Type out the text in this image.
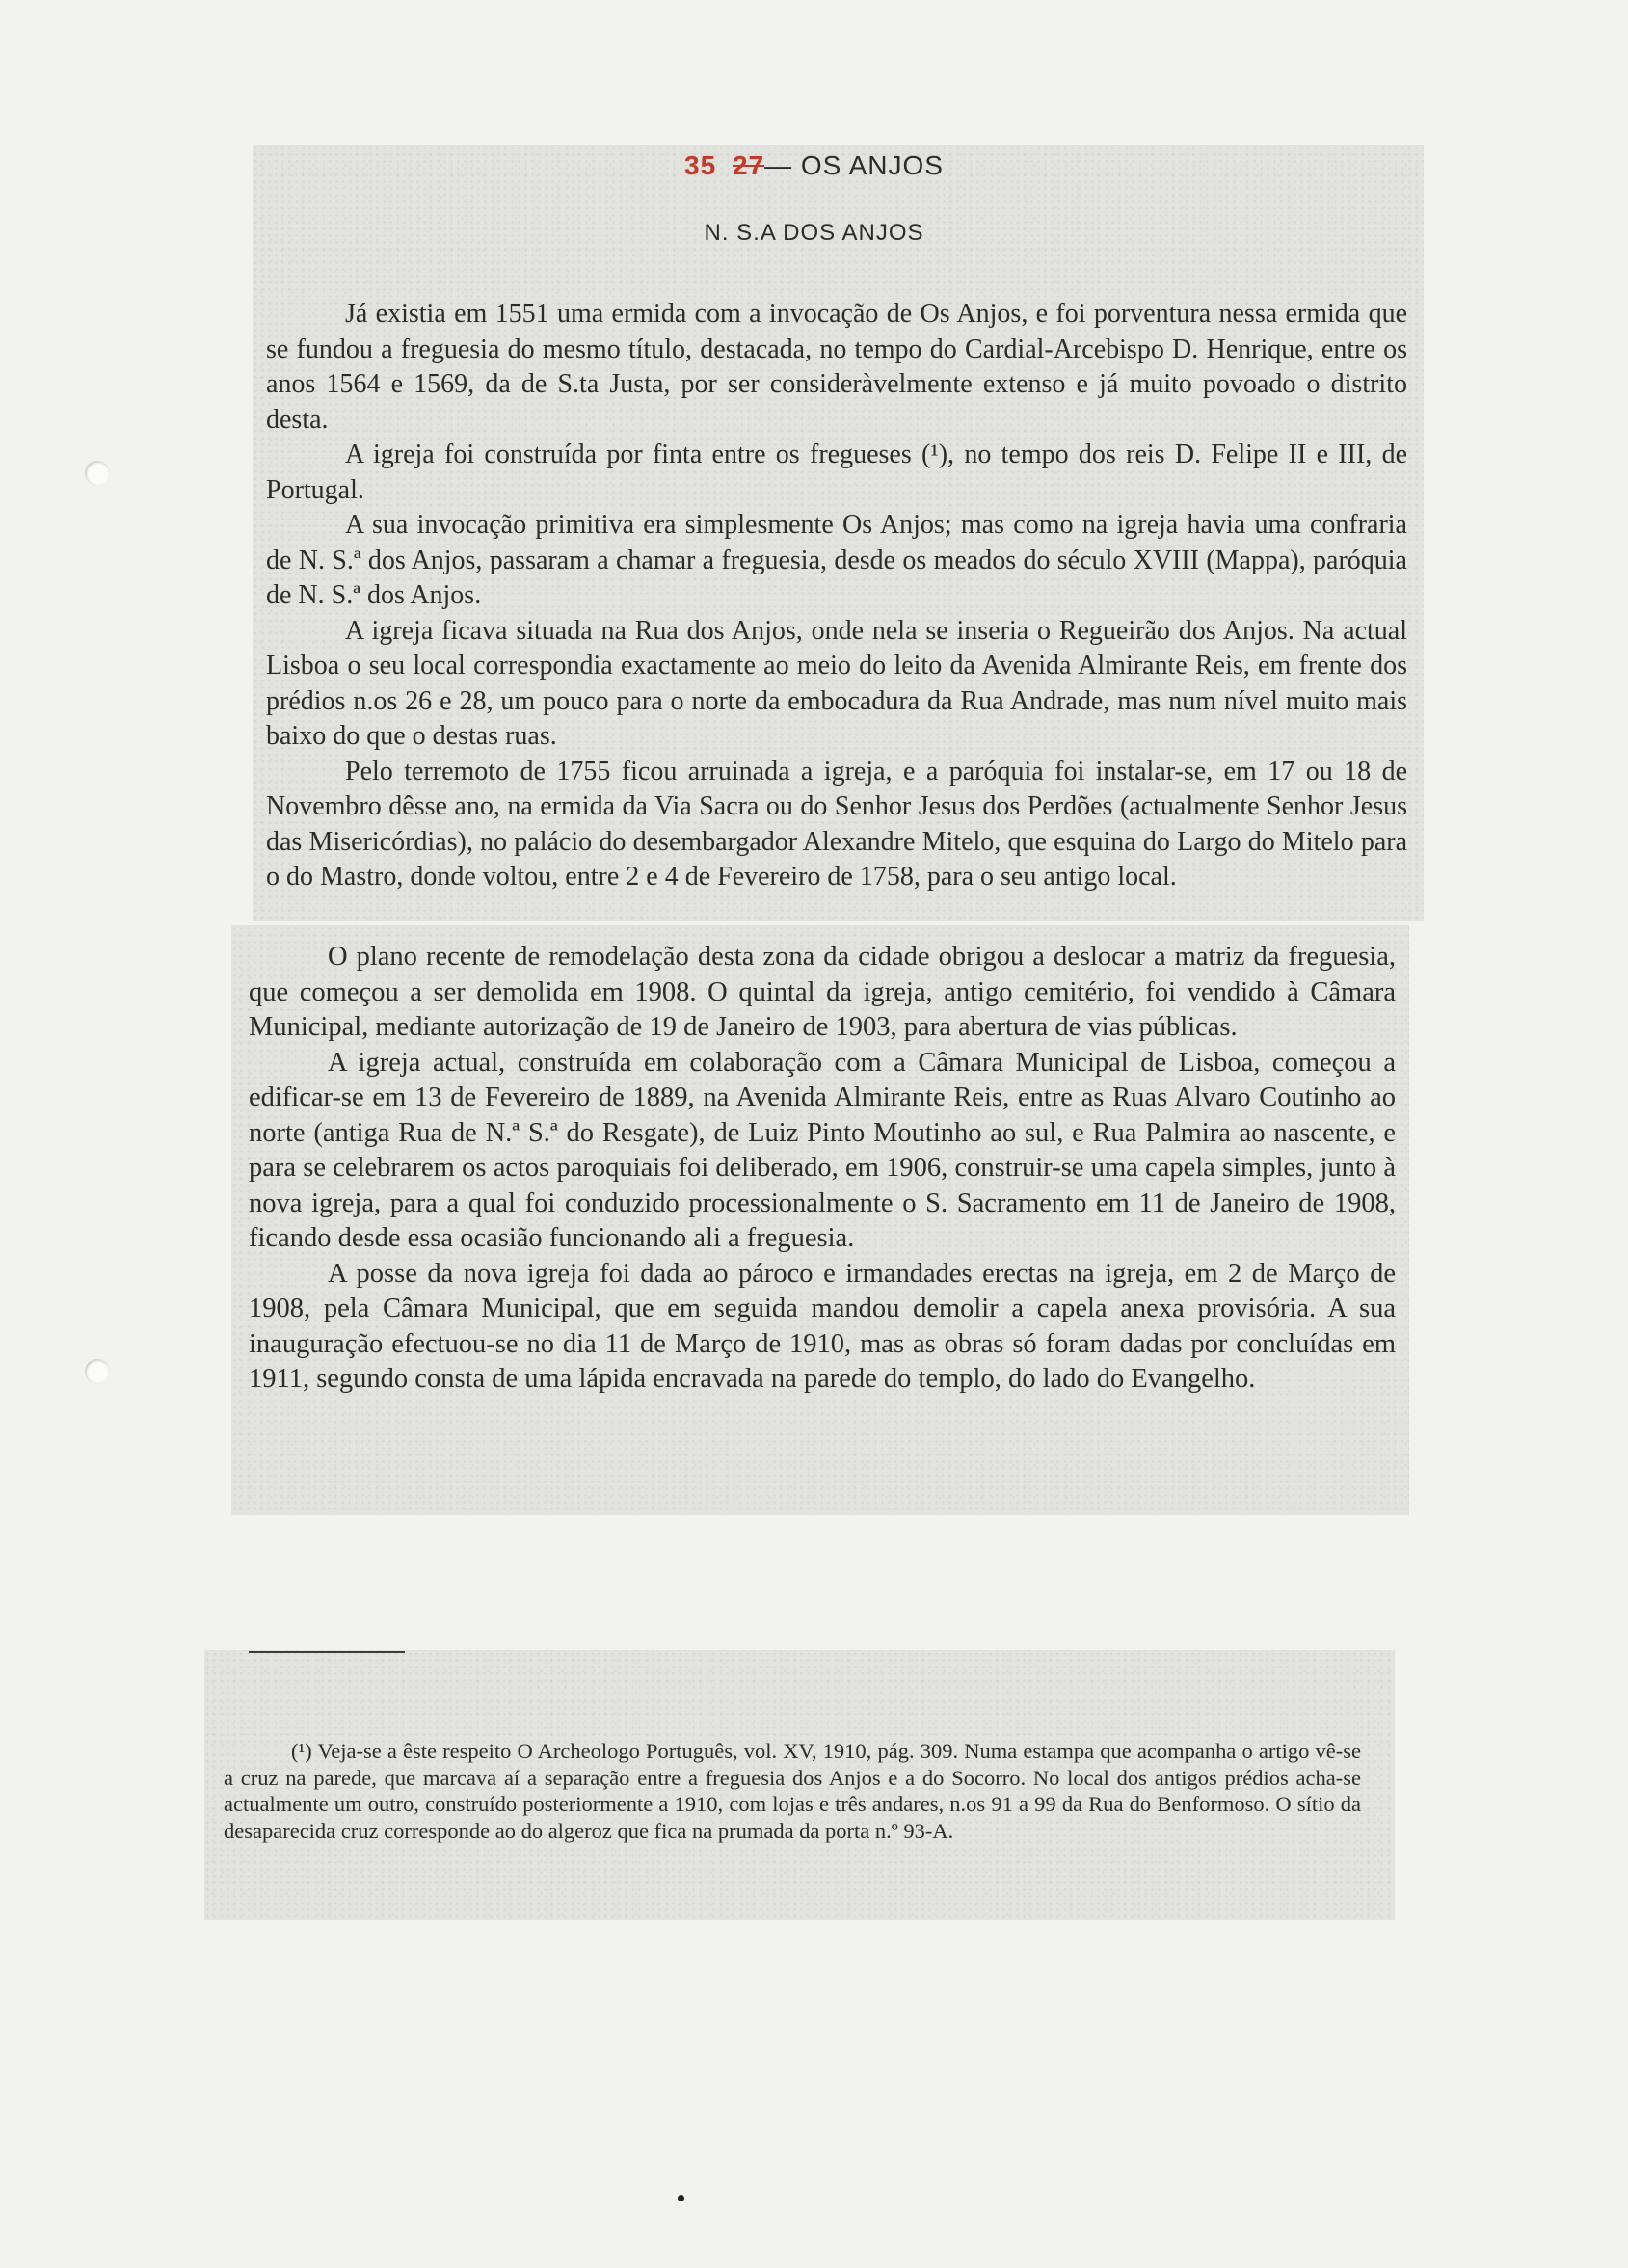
35 27— OS ANJOS
N. S.A DOS ANJOS

Já existia em 1551 uma ermida com a invocação de Os Anjos, e foi porventura nessa ermida que se fundou a freguesia do mesmo título, destacada, no tempo do Cardial-Arcebispo D. Henrique, entre os anos 1564 e 1569, da de S.ta Justa, por ser consideràvelmente extenso e já muito povoado o distrito desta.

A igreja foi construída por finta entre os fregueses (¹), no tempo dos reis D. Felipe II e III, de Portugal.

A sua invocação primitiva era simplesmente Os Anjos; mas como na igreja havia uma confraria de N. S.ª dos Anjos, passaram a chamar a freguesia, desde os meados do século XVIII (Mappa), paróquia de N. S.ª dos Anjos.

A igreja ficava situada na Rua dos Anjos, onde nela se inseria o Regueirão dos Anjos. Na actual Lisboa o seu local correspondia exactamente ao meio do leito da Avenida Almirante Reis, em frente dos prédios n.os 26 e 28, um pouco para o norte da embocadura da Rua Andrade, mas num nível muito mais baixo do que o destas ruas.

Pelo terremoto de 1755 ficou arruinada a igreja, e a paróquia foi instalar-se, em 17 ou 18 de Novembro dêsse ano, na ermida da Via Sacra ou do Senhor Jesus dos Perdões (actualmente Senhor Jesus das Misericórdias), no palácio do desembargador Alexandre Mitelo, que esquina do Largo do Mitelo para o do Mastro, donde voltou, entre 2 e 4 de Fevereiro de 1758, para o seu antigo local.

O plano recente de remodelação desta zona da cidade obrigou a deslocar a matriz da freguesia, que começou a ser demolida em 1908. O quintal da igreja, antigo cemitério, foi vendido à Câmara Municipal, mediante autorização de 19 de Janeiro de 1903, para abertura de vias públicas.

A igreja actual, construída em colaboração com a Câmara Municipal de Lisboa, começou a edificar-se em 13 de Fevereiro de 1889, na Avenida Almirante Reis, entre as Ruas Alvaro Coutinho ao norte (antiga Rua de N.ª S.ª do Resgate), de Luiz Pinto Moutinho ao sul, e Rua Palmira ao nascente, e para se celebrarem os actos paroquiais foi deliberado, em 1906, construir-se uma capela simples, junto à nova igreja, para a qual foi conduzido processionalmente o S. Sacramento em 11 de Janeiro de 1908, ficando desde essa ocasião funcionando ali a freguesia.

A posse da nova igreja foi dada ao pároco e irmandades erectas na igreja, em 2 de Março de 1908, pela Câmara Municipal, que em seguida mandou demolir a capela anexa provisória. A sua inauguração efectuou-se no dia 11 de Março de 1910, mas as obras só foram dadas por concluídas em 1911, segundo consta de uma lápida encravada na parede do templo, do lado do Evangelho.

(¹) Veja-se a êste respeito O Archeologo Português, vol. XV, 1910, pág. 309. Numa estampa que acompanha o artigo vê-se a cruz na parede, que marcava aí a separação entre a freguesia dos Anjos e a do Socorro. No local dos antigos prédios acha-se actualmente um outro, construído posteriormente a 1910, com lojas e três andares, n.os 91 a 99 da Rua do Benformoso. O sítio da desaparecida cruz corresponde ao do algeroz que fica na prumada da porta n.º 93-A.
